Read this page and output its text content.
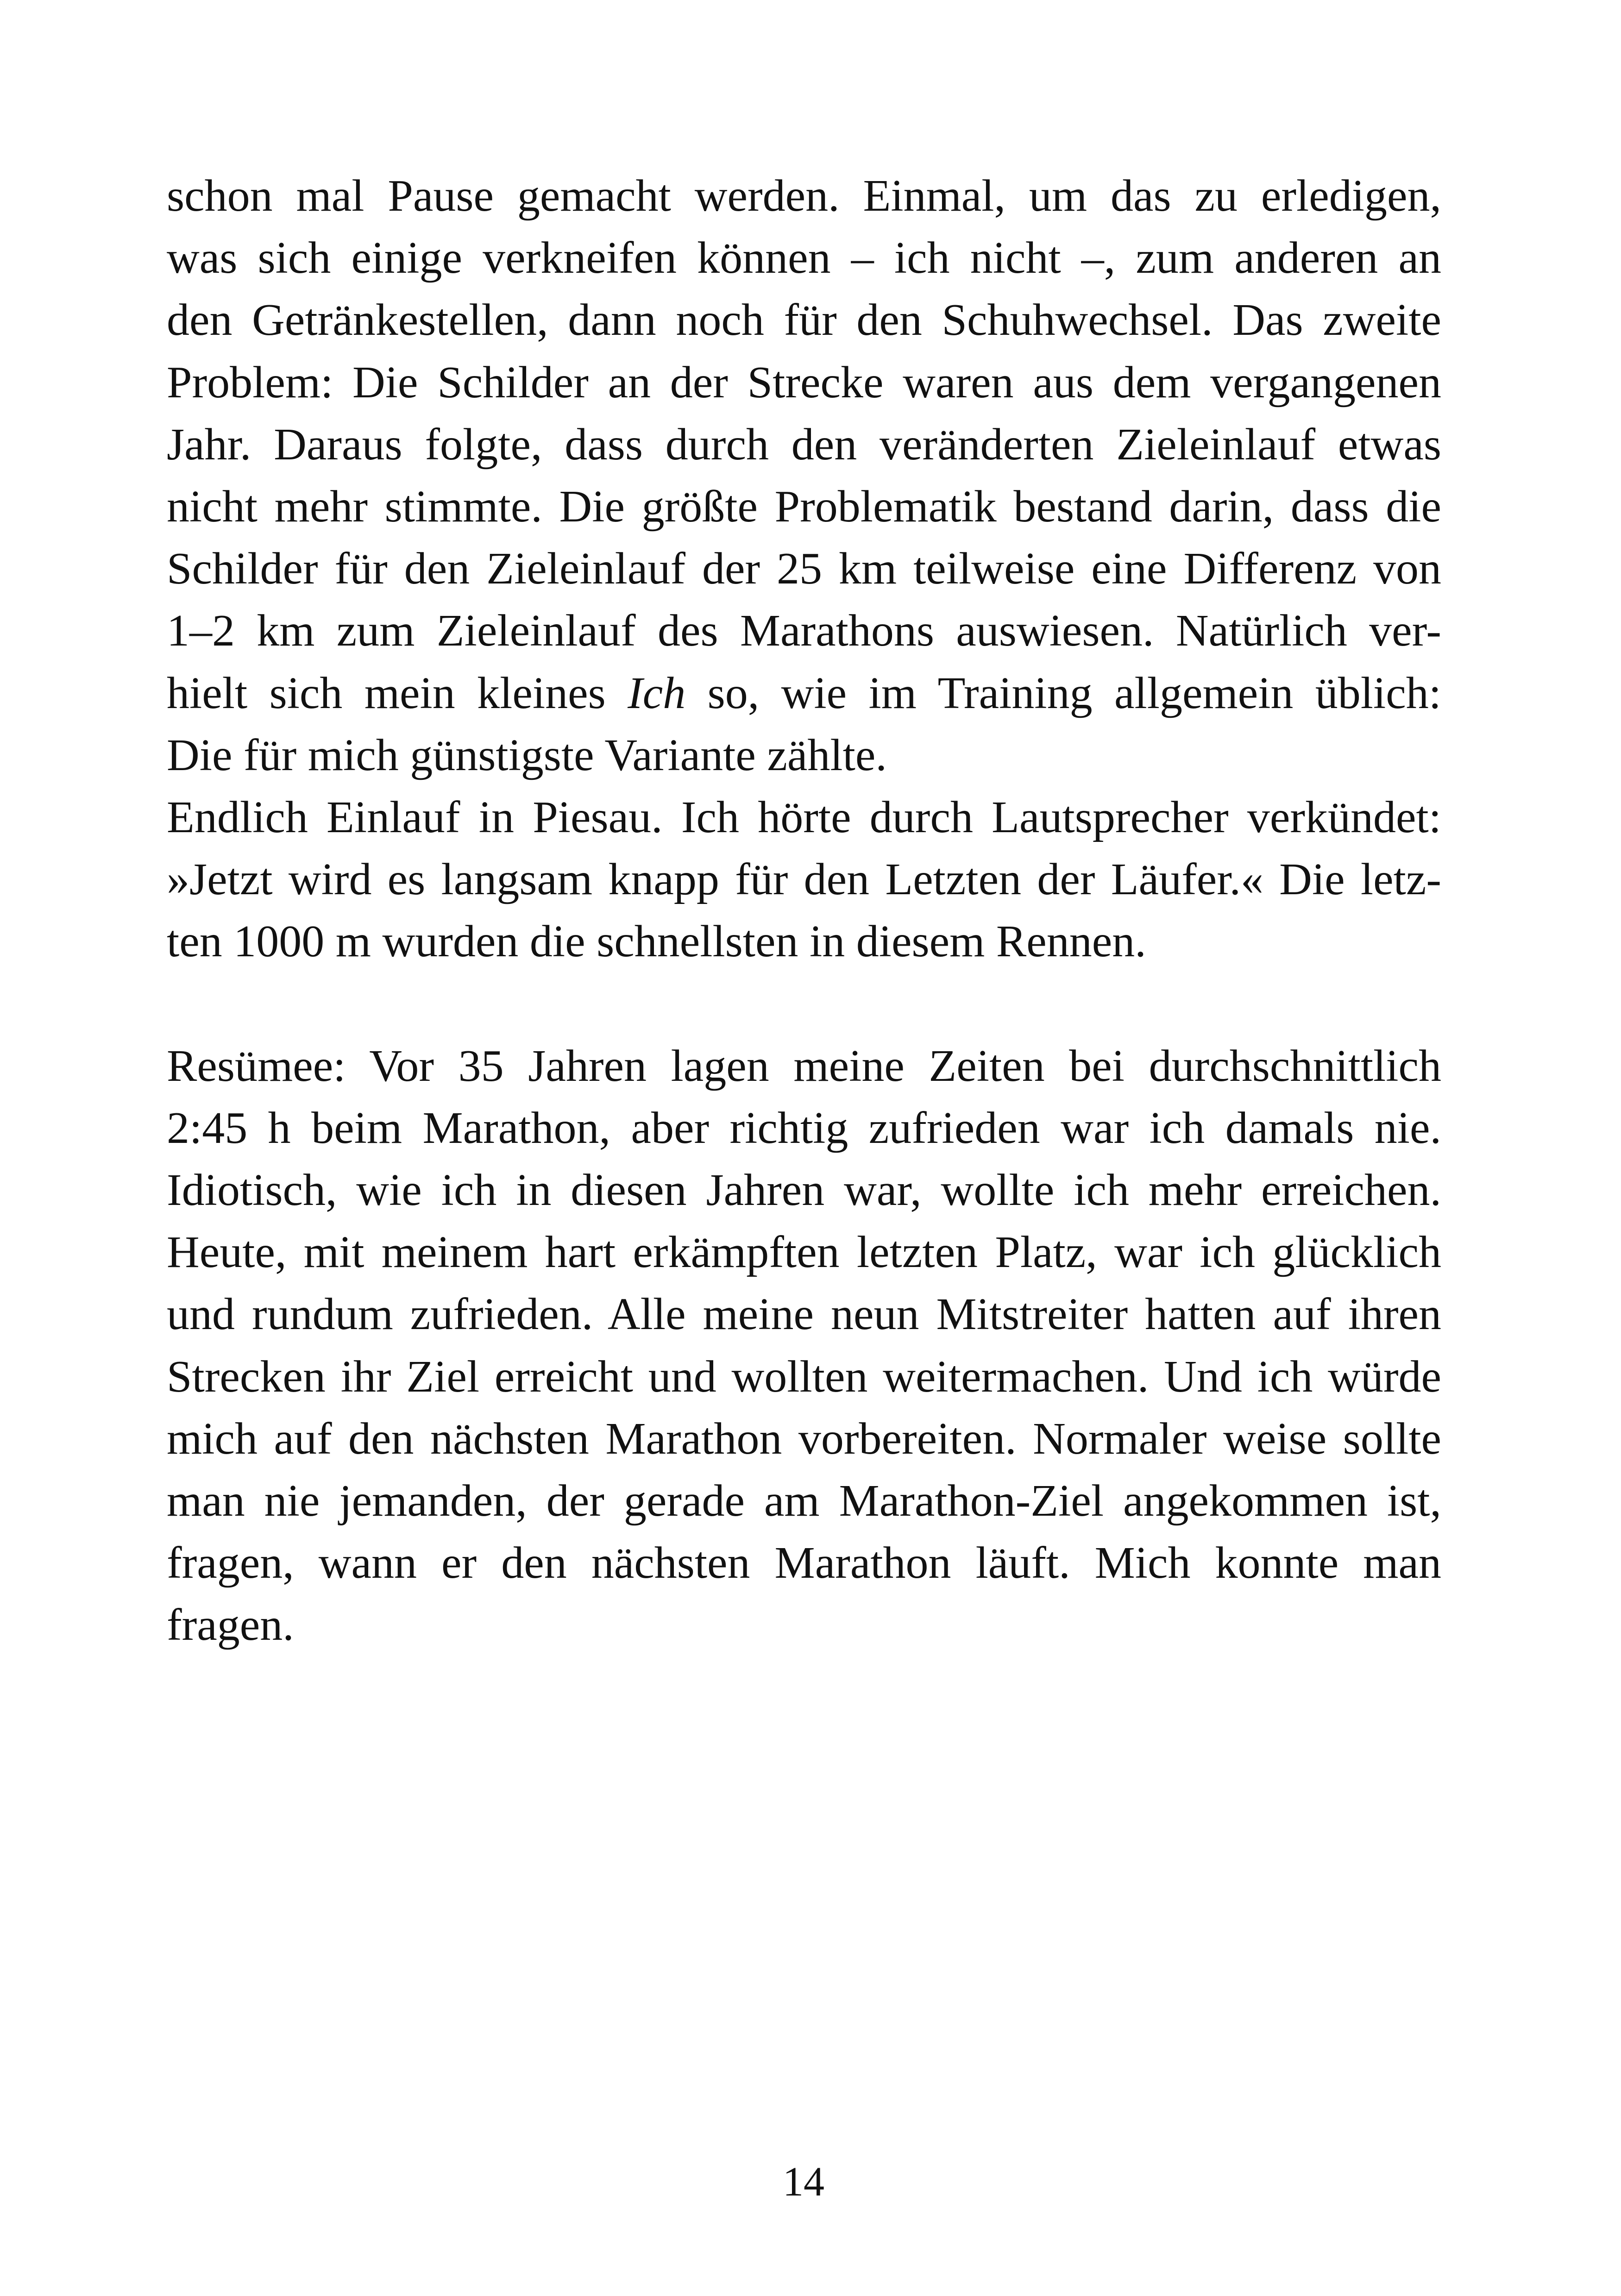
schon mal Pause gemacht werden. Einmal, um das zu erledigen,
was sich einige verkneifen können – ich nicht –, zum anderen an
den Getränkestellen, dann noch für den Schuhwechsel. Das zweite
Problem: Die Schilder an der Strecke waren aus dem vergangenen
Jahr. Daraus folgte, dass durch den veränderten Zieleinlauf etwas
nicht mehr stimmte. Die größte Problematik bestand darin, dass die
Schilder für den Zieleinlauf der 25 km teilweise eine Differenz von
1–2 km zum Zieleinlauf des Marathons auswiesen. Natürlich ver-
hielt sich mein kleines Ich so, wie im Training allgemein üblich:
Die für mich günstigste Variante zählte.
Endlich Einlauf in Piesau. Ich hörte durch Lautsprecher verkündet:
»Jetzt wird es langsam knapp für den Letzten der Läufer.« Die letz-
ten 1000 m wurden die schnellsten in diesem Rennen.
Resümee: Vor 35 Jahren lagen meine Zeiten bei durchschnittlich
2:45 h beim Marathon, aber richtig zufrieden war ich damals nie.
Idiotisch, wie ich in diesen Jahren war, wollte ich mehr erreichen.
Heute, mit meinem hart erkämpften letzten Platz, war ich glücklich
und rundum zufrieden. Alle meine neun Mitstreiter hatten auf ihren
Strecken ihr Ziel erreicht und wollten weitermachen. Und ich würde
mich auf den nächsten Marathon vorbereiten. Normaler weise sollte
man nie jemanden, der gerade am Marathon-Ziel angekommen ist,
fragen, wann er den nächsten Marathon läuft. Mich konnte man
fragen.
14
